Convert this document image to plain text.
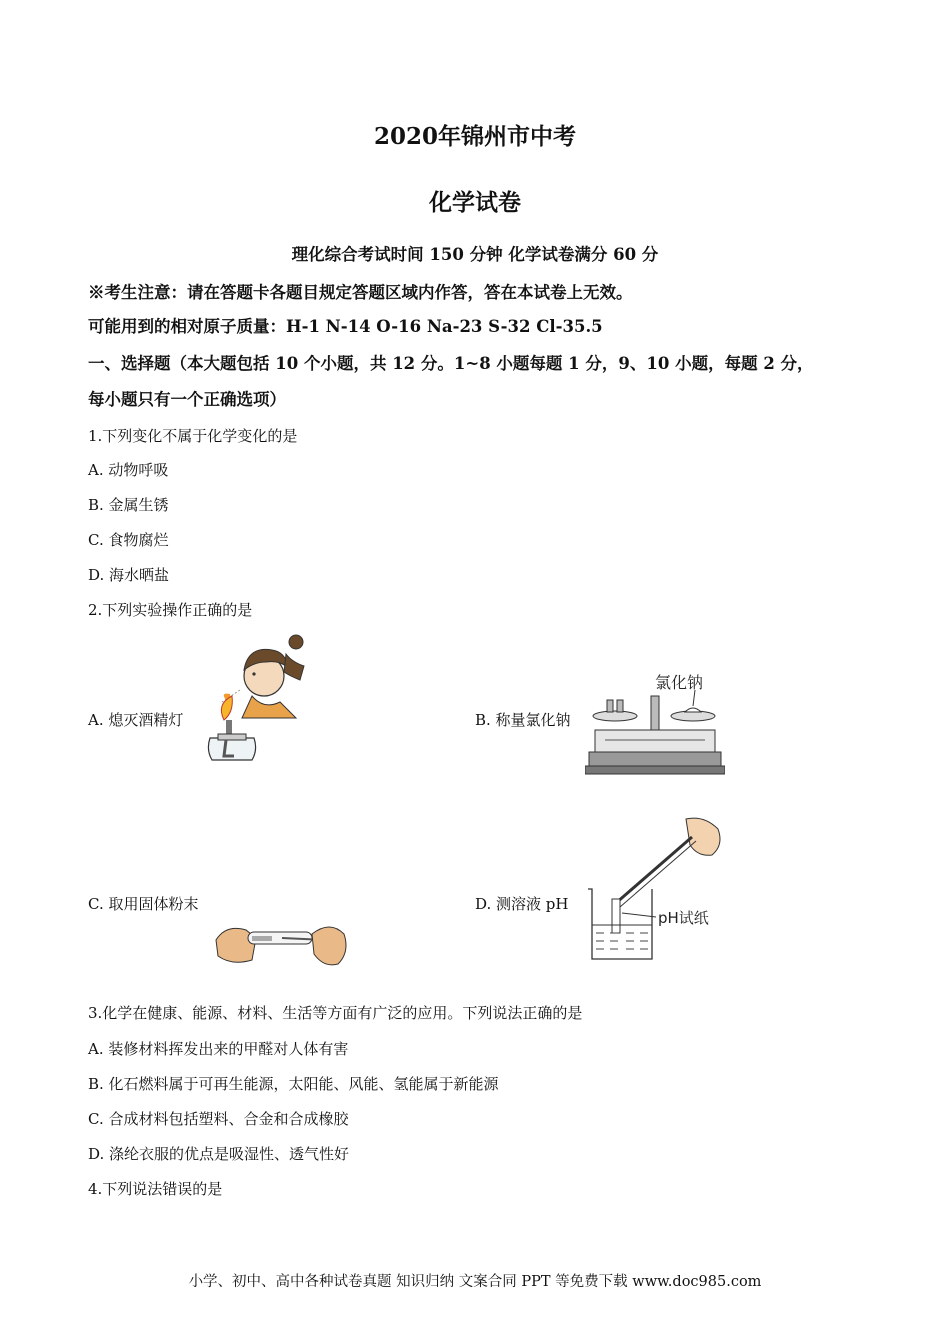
2020年锦州市中考
化学试卷
理化综合考试时间 150 分钟 化学试卷满分 60 分
※考生注意：请在答题卡各题目规定答题区域内作答，答在本试卷上无效。
可能用到的相对原子质量：H-1 N-14 O-16 Na-23 S-32 Cl-35.5
一、选择题（本大题包括 10 个小题，共 12 分。1~8 小题每题 1 分，9、10 小题，每题 2 分，
每小题只有一个正确选项）
1.下列变化不属于化学变化的是
A. 动物呼吸
B. 金属生锈
C. 食物腐烂
D. 海水晒盐
2.下列实验操作正确的是
A. 熄灭酒精灯	B. 称量氯化钠
C. 取用固体粉末	D. 测溶液 pH
氯化钠
pH试纸
3.化学在健康、能源、材料、生活等方面有广泛的应用。下列说法正确的是
A. 装修材料挥发出来的甲醛对人体有害
B. 化石燃料属于可再生能源，太阳能、风能、氢能属于新能源
C. 合成材料包括塑料、合金和合成橡胶
D. 涤纶衣服的优点是吸湿性、透气性好
4.下列说法错误的是
小学、初中、高中各种试卷真题 知识归纳 文案合同 PPT 等免费下载 www.doc985.com
